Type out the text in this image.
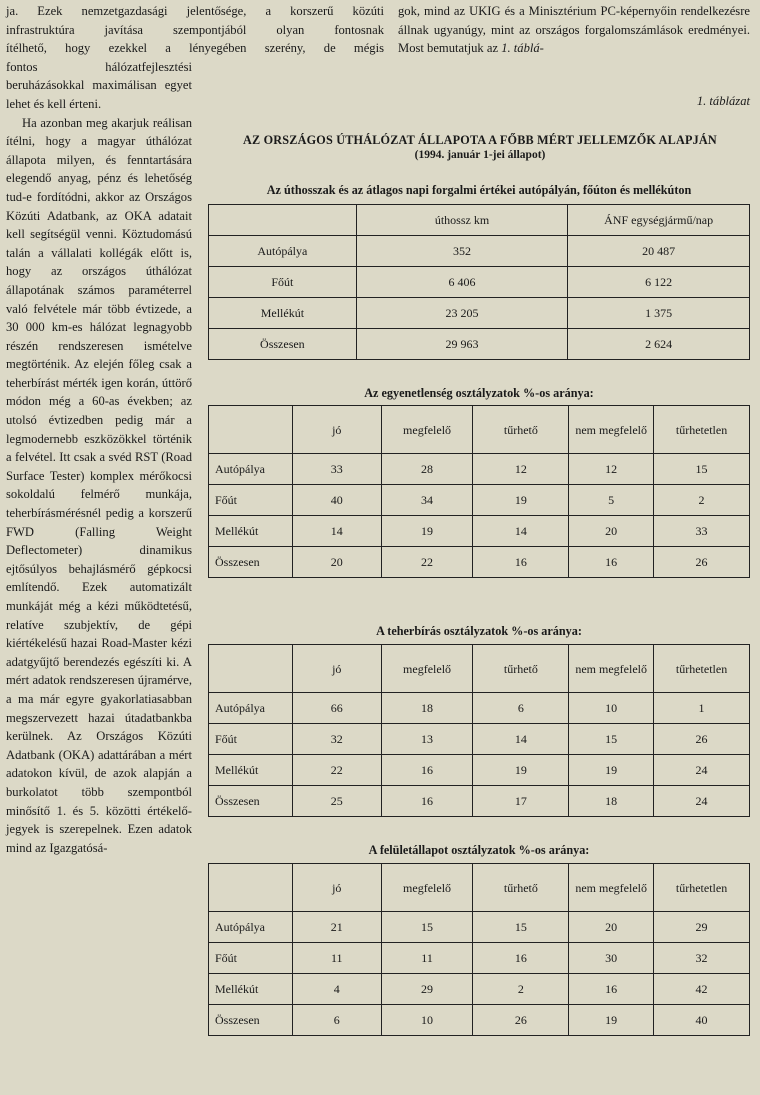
ja. Ezek nemzetgazdasági jelentősége, a korszerű közúti

infrastruktúra javítása szempontjából olyan fontosnak

ítélhető, hogy ezekkel a lényegében szerény, de mégis

fontos hálózatfejlesztési beruházásokkal maximálisan egyet lehet és kell érteni.

Ha azonban meg akarjuk reálisan ítélni, hogy a magyar úthálózat állapota milyen, és fenntartására elegendő anyag, pénz és lehetőség tud-e fordítódni, akkor az Országos Közúti Adatbank, az OKA adatait kell segítségül venni. Köztudomású talán a vállalati kollégák előtt is, hogy az országos úthálózat állapotának számos paraméterrel való felvétele már több évtizede, a 30 000 km-es hálózat legnagyobb részén rendszeresen ismételve megtörténik. Az elején főleg csak a teherbírást mérték igen korán, úttörő módon még a 60-as években; az utolsó évtizedben pedig már a legmodernebb eszközökkel történik a felvétel. Itt csak a svéd RST (Road Surface Tester) komplex mérőkocsi sokoldalú felmérő munkája, teherbírásmérésnél pedig a korszerű FWD (Falling Weight Deflectometer) dinamikus ejtősúlyos behajlásmérő gépkocsi említendő. Ezek automatizált munkáját még a kézi működtetésű, relatíve szubjektív, de gépi kiértékelésű hazai Road-Master kézi adatgyűjtő berendezés egészíti ki. A mért adatok rendszeresen újramérve, a ma már egyre gyakorlatiasabban megszervezett hazai útadatbankba kerülnek. Az Országos Közúti Adatbank (OKA) adattárában a mért adatokon kívül, de azok alapján a burkolatot több szempontból minősítő 1. és 5. közötti értékelő-jegyek is szerepelnek. Ezen adatok mind az Igazgatósá-

gok, mind az UKIG és a Minisztérium PC-képernyőin rendelkezésre állnak ugyanúgy, mint az országos forgalomszámlások eredményei. Most bemutatjuk az 1. táblá-

1. táblázat
AZ ORSZÁGOS ÚTHÁLÓZAT ÁLLAPOTA A FŐBB MÉRT JELLEMZŐK ALAPJÁN
(1994. január 1-jei állapot)
Az úthosszak és az átlagos napi forgalmi értékei autópályán, főúton és mellékúton
	úthossz km	ÁNF egységjármű/nap
Autópálya	352	20 487
Főút	6 406	6 122
Mellékút	23 205	1 375
Összesen	29 963	2 624
Az egyenetlenség osztályzatok %-os aránya:
	jó	megfelelő	tűrhető	nem megfelelő	tűrhetetlen
Autópálya	33	28	12	12	15
Főút	40	34	19	5	2
Mellékút	14	19	14	20	33
Összesen	20	22	16	16	26
A teherbírás osztályzatok %-os aránya:
	jó	megfelelő	tűrhető	nem megfelelő	tűrhetetlen
Autópálya	66	18	6	10	1
Főút	32	13	14	15	26
Mellékút	22	16	19	19	24
Összesen	25	16	17	18	24
A felületállapot osztályzatok %-os aránya:
	jó	megfelelő	tűrhető	nem megfelelő	tűrhetetlen
Autópálya	21	15	15	20	29
Főút	11	11	16	30	32
Mellékút	4	29	2	16	42
Összesen	6	10	26	19	40
